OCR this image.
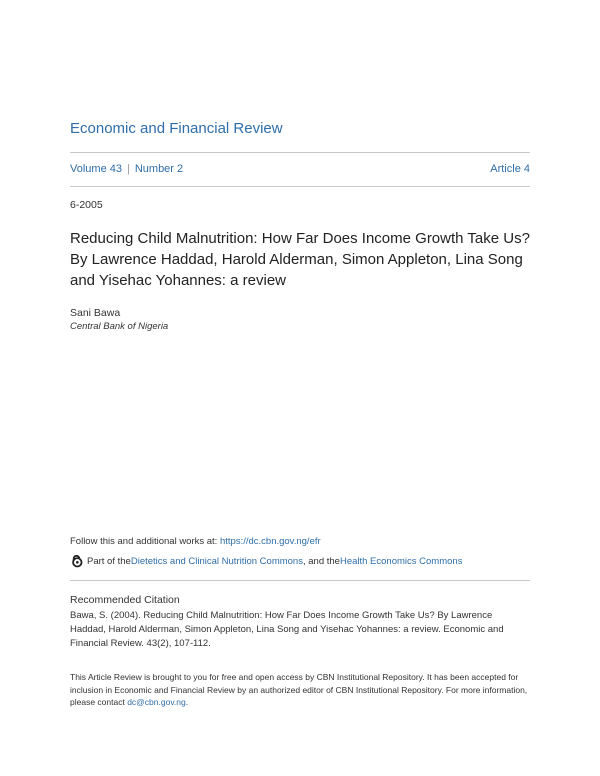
Economic and Financial Review
Volume 43 | Number 2	Article 4
6-2005
Reducing Child Malnutrition: How Far Does Income Growth Take Us? By Lawrence Haddad, Harold Alderman, Simon Appleton, Lina Song and Yisehac Yohannes: a review
Sani Bawa
Central Bank of Nigeria
Follow this and additional works at: https://dc.cbn.gov.ng/efr
Part of the Dietetics and Clinical Nutrition Commons , and the Health Economics Commons
Recommended Citation

Bawa, S. (2004). Reducing Child Malnutrition: How Far Does Income Growth Take Us? By Lawrence Haddad, Harold Alderman, Simon Appleton, Lina Song and Yisehac Yohannes: a review. Economic and Financial Review. 43(2), 107-112.

This Article Review is brought to you for free and open access by CBN Institutional Repository. It has been accepted for inclusion in Economic and Financial Review by an authorized editor of CBN Institutional Repository. For more information, please contact dc@cbn.gov.ng.
